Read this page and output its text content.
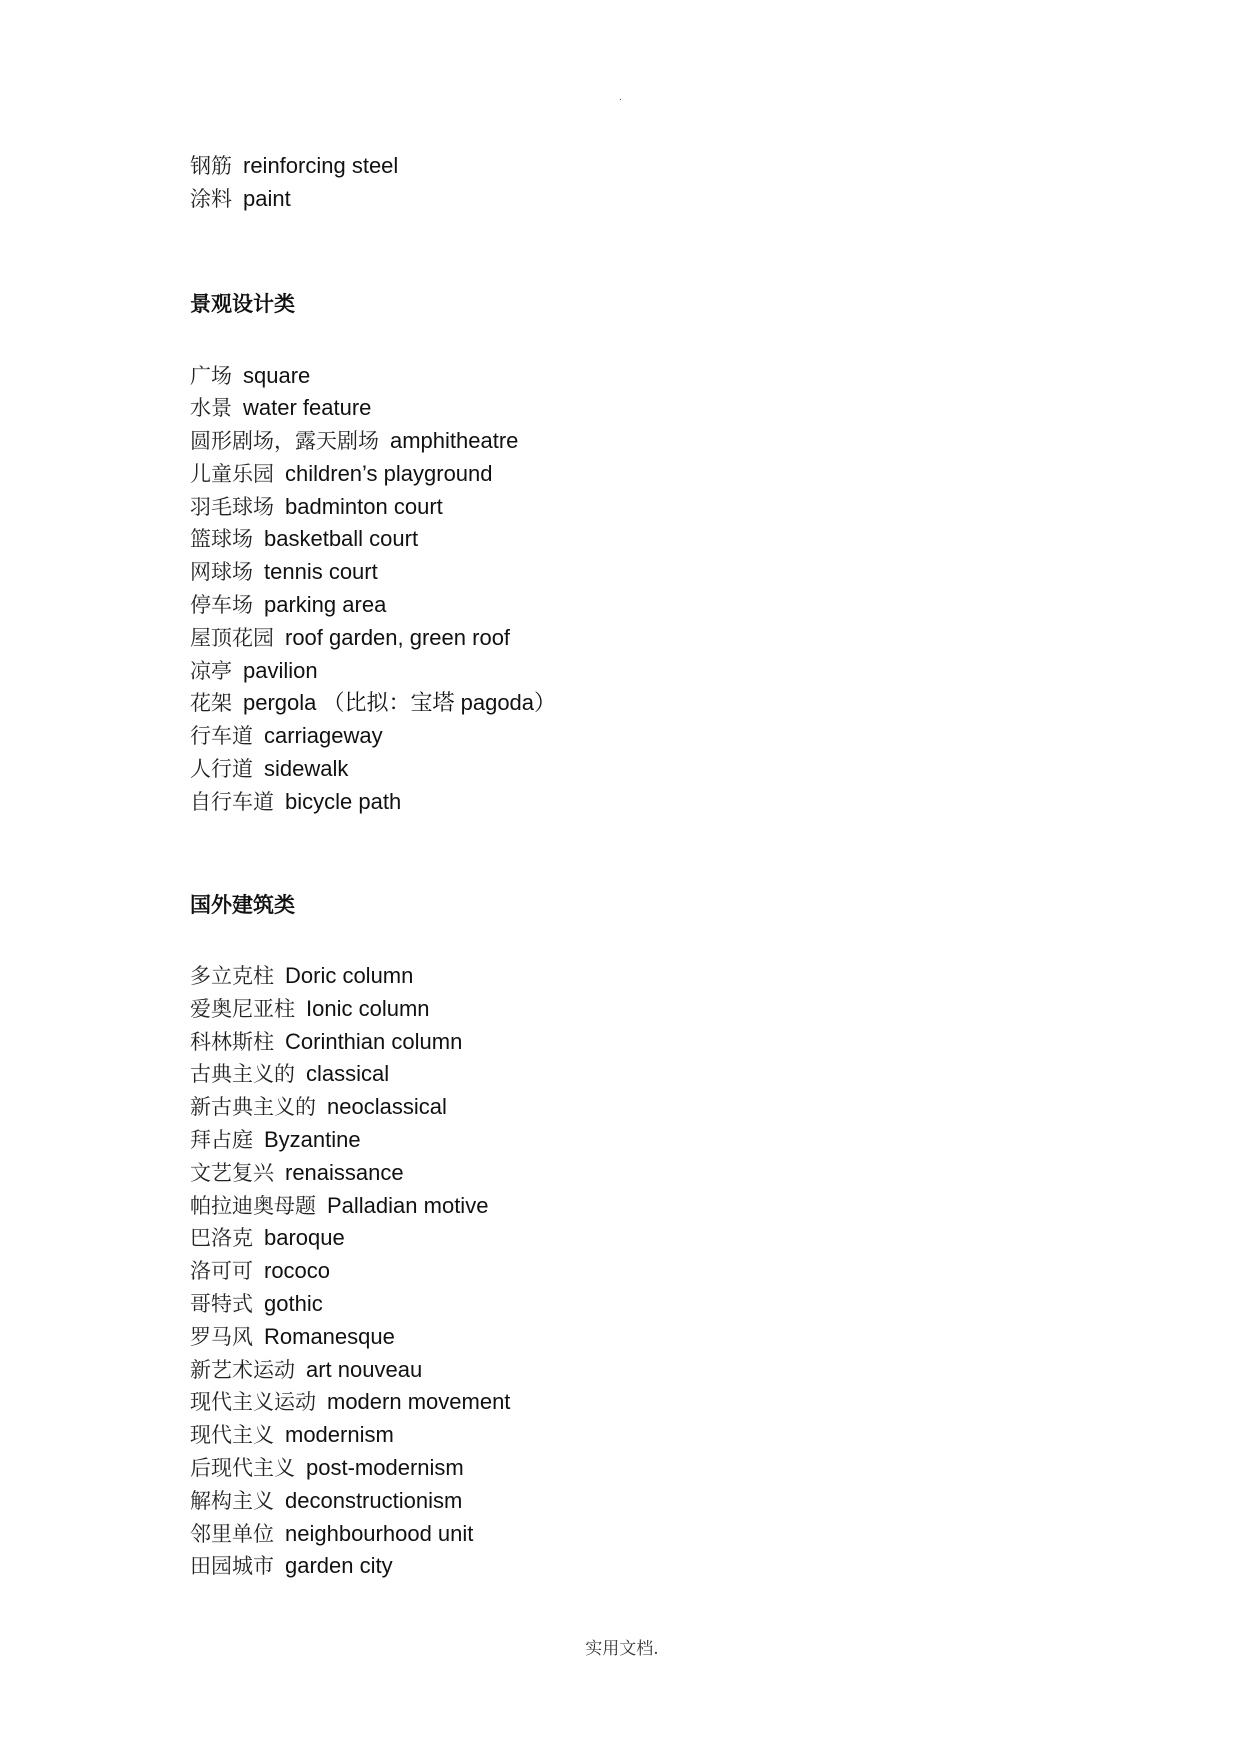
.
钢筋 reinforcing steel
涂料 paint
景观设计类
广场 square
水景 water feature
圆形剧场，露天剧场 amphitheatre
儿童乐园 children’s playground
羽毛球场 badminton court
篮球场 basketball court
网球场 tennis court
停车场 parking area
屋顶花园 roof garden, green roof
凉亭 pavilion
花架 pergola （比拟：宝塔 pagoda）
行车道 carriageway
人行道 sidewalk
自行车道 bicycle path
国外建筑类
多立克柱 Doric column
爱奥尼亚柱 Ionic column
科林斯柱 Corinthian column
古典主义的 classical
新古典主义的 neoclassical
拜占庭 Byzantine
文艺复兴 renaissance
帕拉迪奥母题 Palladian motive
巴洛克 baroque
洛可可 rococo
哥特式 gothic
罗马风 Romanesque
新艺术运动 art nouveau
现代主义运动 modern movement
现代主义 modernism
后现代主义 post-modernism
解构主义 deconstructionism
邻里单位 neighbourhood unit
田园城市 garden city
实用文档.
